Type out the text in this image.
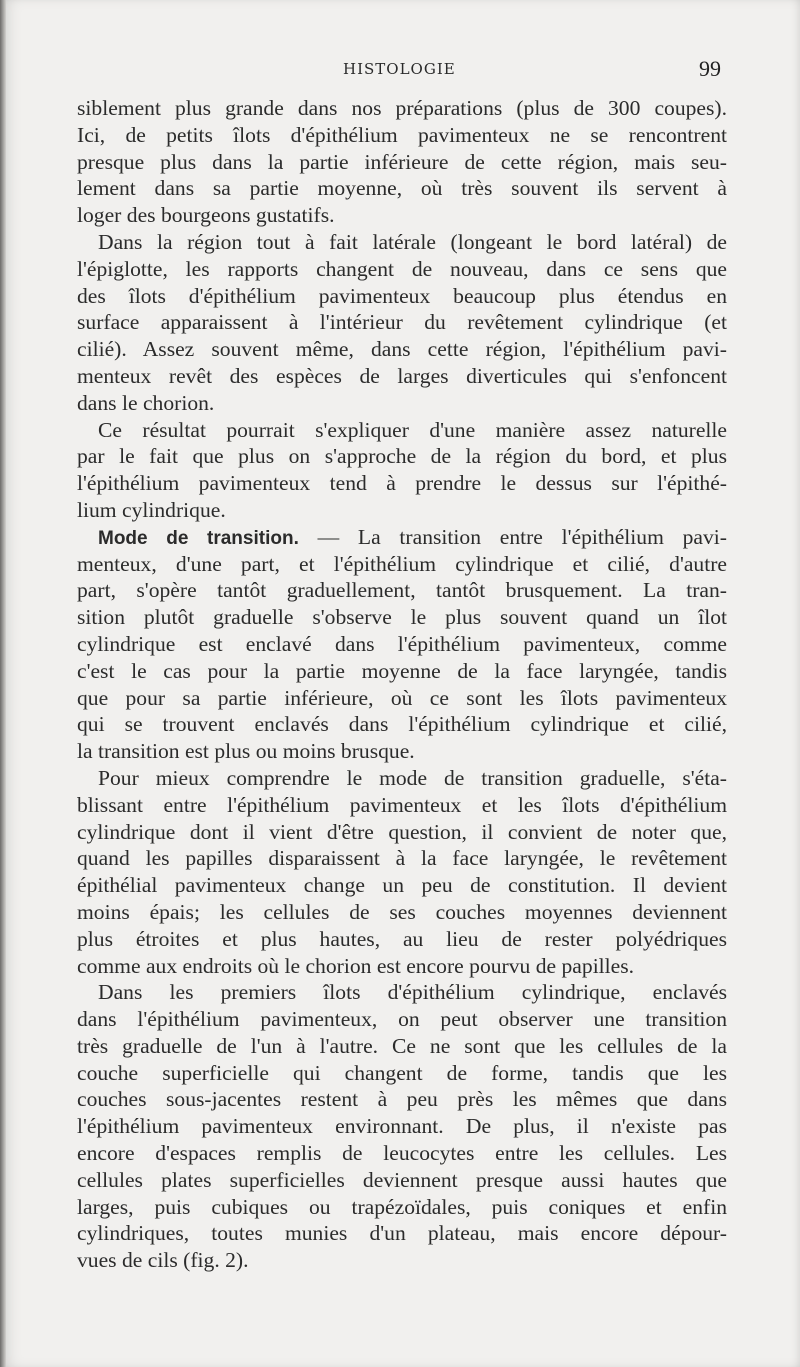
HISTOLOGIE	99
siblement plus grande dans nos préparations (plus de 300 coupes).
Ici, de petits îlots d'épithélium pavimenteux ne se rencontrent
presque plus dans la partie inférieure de cette région, mais seu-
lement dans sa partie moyenne, où très souvent ils servent à
loger des bourgeons gustatifs.
Dans la région tout à fait latérale (longeant le bord latéral) de
l'épiglotte, les rapports changent de nouveau, dans ce sens que
des îlots d'épithélium pavimenteux beaucoup plus étendus en
surface apparaissent à l'intérieur du revêtement cylindrique (et
cilié). Assez souvent même, dans cette région, l'épithélium pavi-
menteux revêt des espèces de larges diverticules qui s'enfoncent
dans le chorion.
Ce résultat pourrait s'expliquer d'une manière assez naturelle
par le fait que plus on s'approche de la région du bord, et plus
l'épithélium pavimenteux tend à prendre le dessus sur l'épithé-
lium cylindrique.
Mode de transition. — La transition entre l'épithélium pavi-
menteux, d'une part, et l'épithélium cylindrique et cilié, d'autre
part, s'opère tantôt graduellement, tantôt brusquement. La tran-
sition plutôt graduelle s'observe le plus souvent quand un îlot
cylindrique est enclavé dans l'épithélium pavimenteux, comme
c'est le cas pour la partie moyenne de la face laryngée, tandis
que pour sa partie inférieure, où ce sont les îlots pavimenteux
qui se trouvent enclavés dans l'épithélium cylindrique et cilié,
la transition est plus ou moins brusque.
Pour mieux comprendre le mode de transition graduelle, s'éta-
blissant entre l'épithélium pavimenteux et les îlots d'épithélium
cylindrique dont il vient d'être question, il convient de noter que,
quand les papilles disparaissent à la face laryngée, le revêtement
épithélial pavimenteux change un peu de constitution. Il devient
moins épais; les cellules de ses couches moyennes deviennent
plus étroites et plus hautes, au lieu de rester polyédriques
comme aux endroits où le chorion est encore pourvu de papilles.
Dans les premiers îlots d'épithélium cylindrique, enclavés
dans l'épithélium pavimenteux, on peut observer une transition
très graduelle de l'un à l'autre. Ce ne sont que les cellules de la
couche superficielle qui changent de forme, tandis que les
couches sous-jacentes restent à peu près les mêmes que dans
l'épithélium pavimenteux environnant. De plus, il n'existe pas
encore d'espaces remplis de leucocytes entre les cellules. Les
cellules plates superficielles deviennent presque aussi hautes que
larges, puis cubiques ou trapézoïdales, puis coniques et enfin
cylindriques, toutes munies d'un plateau, mais encore dépour-
vues de cils (fig. 2).
